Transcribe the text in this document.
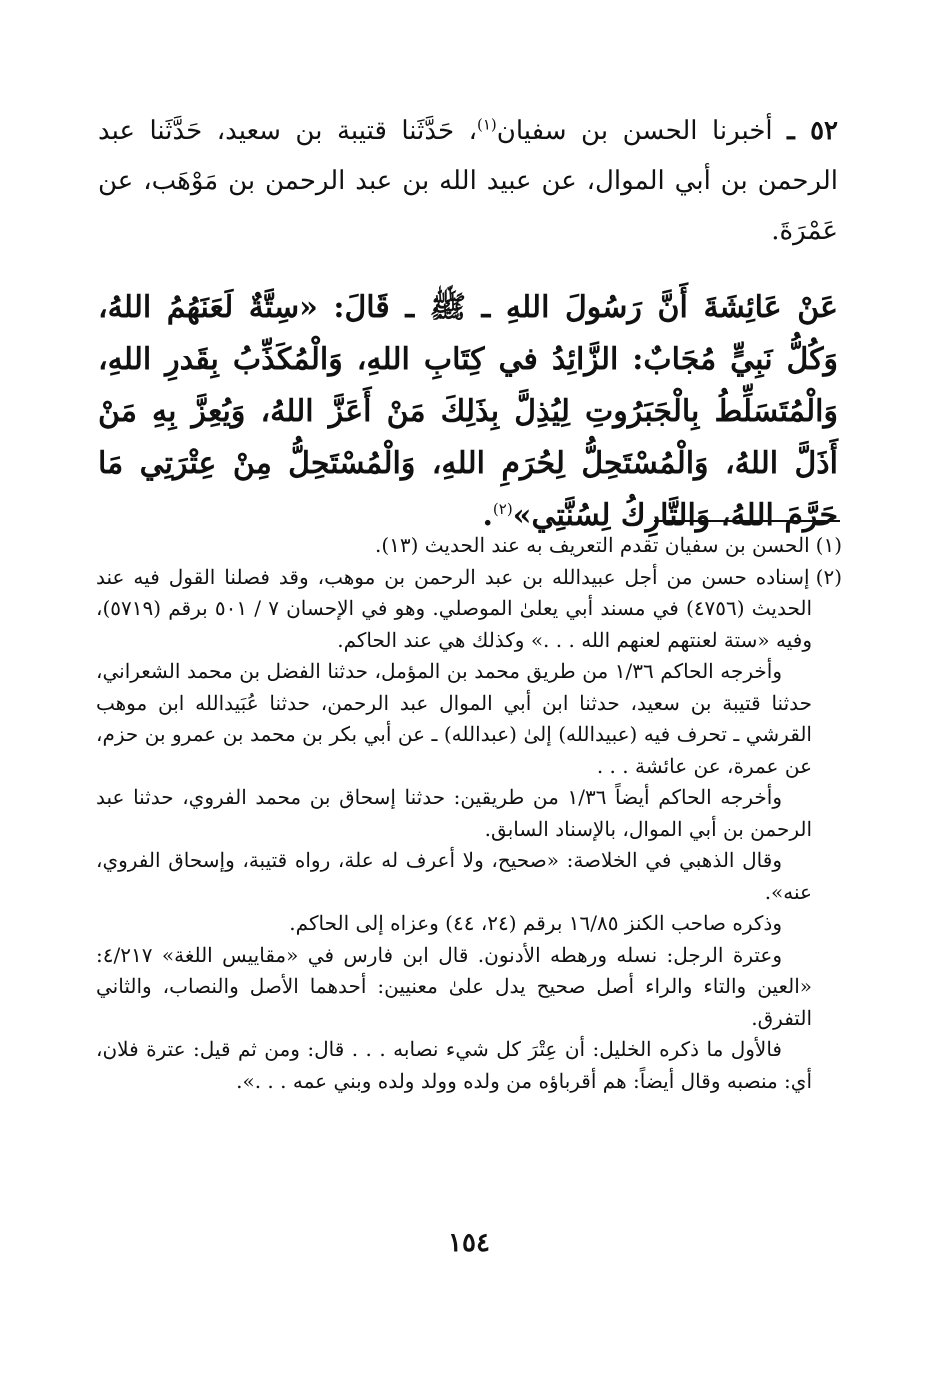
٥٢ ـ أخبرنا الحسن بن سفيان$^{(١)}$، حَدَّثَنا قتيبة بن سعيد، حَدَّثَنا عبد الرحمن بن أبي الموال، عن عبيد الله بن عبد الرحمن بن مَوْهَب، عن عَمْرَةَ.

عَنْ عَائِشَةَ أَنَّ رَسُولَ اللهِ ـ ﷺ ـ قَالَ: «سِتَّةٌ لَعَنَهُمُ اللهُ، وَكُلُّ نَبِيٍّ مُجَابٌ: الزَّائِدُ في كِتَابِ اللهِ، وَالْمُكَذِّبُ بِقَدرِ اللهِ، وَالْمُتَسَلِّطُ بِالْجَبَرُوتِ لِيُذِلَّ بِذَلِكَ مَنْ أَعَزَّ اللهُ، وَيُعِزَّ بِهِ مَنْ أَذَلَّ اللهُ، وَالْمُسْتَحِلُّ لِحُرَمِ اللهِ، وَالْمُسْتَحِلُّ مِنْ عِتْرَتِي مَا حَرَّمَ اللهُ، وَالتَّارِكُ لِسُنَّتِي»$^{(٢)}$.

(١)الحسن بن سفيان تقدم التعريف به عند الحديث (١٣).

(٢)إسناده حسن من أجل عبيدالله بن عبد الرحمن بن موهب، وقد فصلنا القول فيه عند الحديث (٤٧٥٦) في مسند أبي يعلىٰ الموصلي. وهو في الإحسان ٧ / ٥٠١ برقم (٥٧١٩)، وفيه «ستة لعنتهم لعنهم الله . . .» وكذلك هي عند الحاكم.

وأخرجه الحاكم ١/٣٦ من طريق محمد بن المؤمل، حدثنا الفضل بن محمد الشعراني، حدثنا قتيبة بن سعيد، حدثنا ابن أبي الموال عبد الرحمن، حدثنا عُبَيدالله ابن موهب القرشي ـ تحرف فيه (عبيدالله) إلىٰ (عبدالله) ـ عن أبي بكر بن محمد بن عمرو بن حزم، عن عمرة، عن عائشة . . .

وأخرجه الحاكم أيضاً ١/٣٦ من طريقين: حدثنا إسحاق بن محمد الفروي، حدثنا عبد الرحمن بن أبي الموال، بالإسناد السابق.

وقال الذهبي في الخلاصة: «صحيح، ولا أعرف له علة، رواه قتيبة، وإسحاق الفروي، عنه».

وذكره صاحب الكنز ١٦/٨٥ برقم (٢٤، ٤٤) وعزاه إلى الحاكم.

وعترة الرجل: نسله ورهطه الأدنون. قال ابن فارس في «مقاييس اللغة» ٤/٢١٧: «العين والتاء والراء أصل صحيح يدل علىٰ معنيين: أحدهما الأصل والنصاب، والثاني التفرق.

فالأول ما ذكره الخليل: أن عِتْرَ كل شيء نصابه . . . قال: ومن ثم قيل: عترة فلان، أي: منصبه وقال أيضاً: هم أقرباؤه من ولده وولد ولده وبني عمه . . .».

١٥٤
